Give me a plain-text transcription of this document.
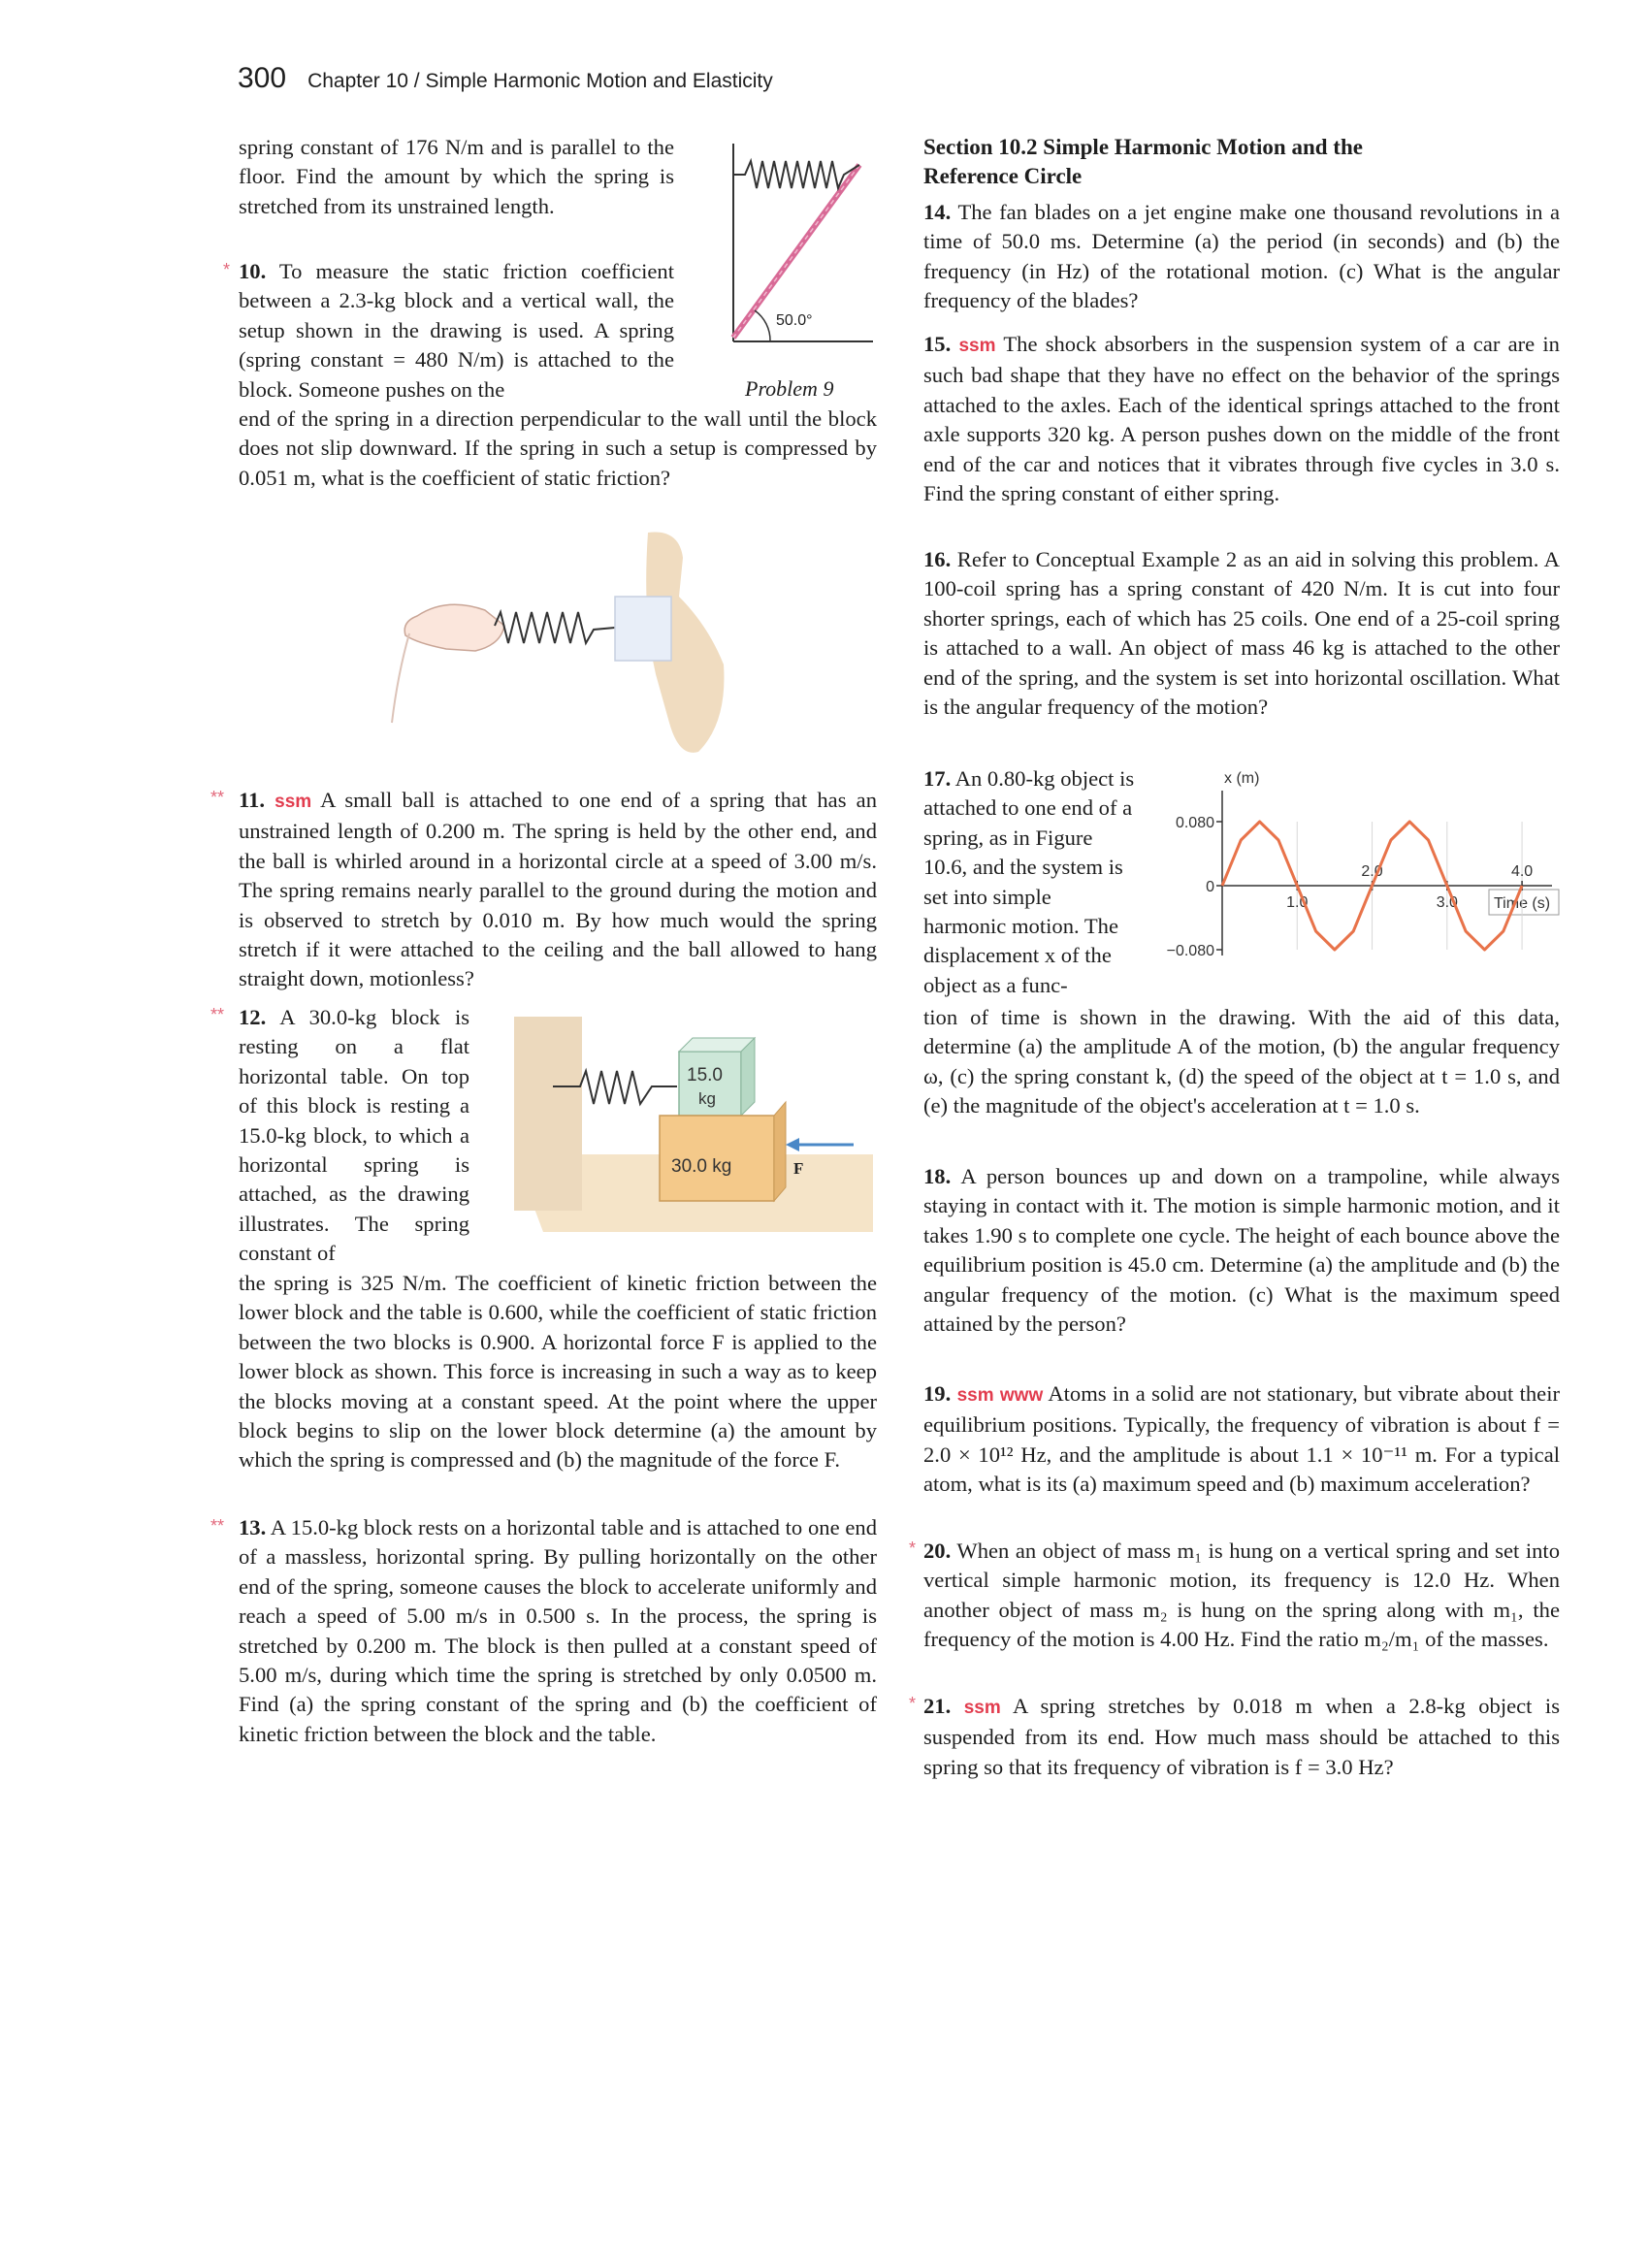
300 Chapter 10 / Simple Harmonic Motion and Elasticity

spring constant of 176 N/m and is parallel to the floor. Find the amount by which the spring is stretched from its unstrained length.

50.0°
* 10. To measure the static friction coefficient between a 2.3-kg block and a vertical wall, the setup shown in the drawing is used. A spring (spring constant = 480 N/m) is attached to the block. Someone pushes on the	Problem 9

end of the spring in a direction perpendicular to the wall until the block does not slip downward. If the spring in such a setup is compressed by 0.051 m, what is the coefficient of static friction?

** 11. ssm A small ball is attached to one end of a spring that has an unstrained length of 0.200 m. The spring is held by the other end, and the ball is whirled around in a horizontal circle at a speed of 3.00 m/s. The spring remains nearly parallel to the ground during the motion and is observed to stretch by 0.010 m. By how much would the spring stretch if it were attached to the ceiling and the ball allowed to hang straight down, motionless?

** 12. A 30.0-kg block is resting on a flat horizontal table. On top of this block is resting a 15.0-kg block, to which a horizontal spring is attached, as the drawing illustrates. The spring constant of

15.0
kg
30.0 kg	F

the spring is 325 N/m. The coefficient of kinetic friction between the lower block and the table is 0.600, while the coefficient of static friction between the two blocks is 0.900. A horizontal force F is applied to the lower block as shown. This force is increasing in such a way as to keep the blocks moving at a constant speed. At the point where the upper block begins to slip on the lower block determine (a) the amount by which the spring is compressed and (b) the magnitude of the force F.

** 13. A 15.0-kg block rests on a horizontal table and is attached to one end of a massless, horizontal spring. By pulling horizontally on the other end of the spring, someone causes the block to accelerate uniformly and reach a speed of 5.00 m/s in 0.500 s. In the process, the spring is stretched by 0.200 m. The block is then pulled at a constant speed of 5.00 m/s, during which time the spring is stretched by only 0.0500 m. Find (a) the spring constant of the spring and (b) the coefficient of kinetic friction between the block and the table.

Section 10.2 Simple Harmonic Motion and the Reference Circle

14. The fan blades on a jet engine make one thousand revolutions in a time of 50.0 ms. Determine (a) the period (in seconds) and (b) the frequency (in Hz) of the rotational motion. (c) What is the angular frequency of the blades?

15. ssm The shock absorbers in the suspension system of a car are in such bad shape that they have no effect on the behavior of the springs attached to the axles. Each of the identical springs attached to the front axle supports 320 kg. A person pushes down on the middle of the front end of the car and notices that it vibrates through five cycles in 3.0 s. Find the spring constant of either spring.

16. Refer to Conceptual Example 2 as an aid in solving this problem. A 100-coil spring has a spring constant of 420 N/m. It is cut into four shorter springs, each of which has 25 coils. One end of a 25-coil spring is attached to a wall. An object of mass 46 kg is attached to the other end of the spring, and the system is set into horizontal oscillation. What is the angular frequency of the motion?

17. An 0.80-kg object is attached to one end of a spring, as in Figure 10.6, and the system is set into simple harmonic motion. The displacement x of the object as a func-

x (m)
Time (s)
0.080
0
−0.080
1.0
2.0
3.0
4.0

tion of time is shown in the drawing. With the aid of this data, determine (a) the amplitude A of the motion, (b) the angular frequency ω, (c) the spring constant k, (d) the speed of the object at t = 1.0 s, and (e) the magnitude of the object's acceleration at t = 1.0 s.

18. A person bounces up and down on a trampoline, while always staying in contact with it. The motion is simple harmonic motion, and it takes 1.90 s to complete one cycle. The height of each bounce above the equilibrium position is 45.0 cm. Determine (a) the amplitude and (b) the angular frequency of the motion. (c) What is the maximum speed attained by the person?

19. ssm www Atoms in a solid are not stationary, but vibrate about their equilibrium positions. Typically, the frequency of vibration is about f = 2.0 × 10¹² Hz, and the amplitude is about 1.1 × 10⁻¹¹ m. For a typical atom, what is its (a) maximum speed and (b) maximum acceleration?

* 20. When an object of mass m₁ is hung on a vertical spring and set into vertical simple harmonic motion, its frequency is 12.0 Hz. When another object of mass m₂ is hung on the spring along with m₁, the frequency of the motion is 4.00 Hz. Find the ratio m₂/m₁ of the masses.

* 21. ssm A spring stretches by 0.018 m when a 2.8-kg object is suspended from its end. How much mass should be attached to this spring so that its frequency of vibration is f = 3.0 Hz?
